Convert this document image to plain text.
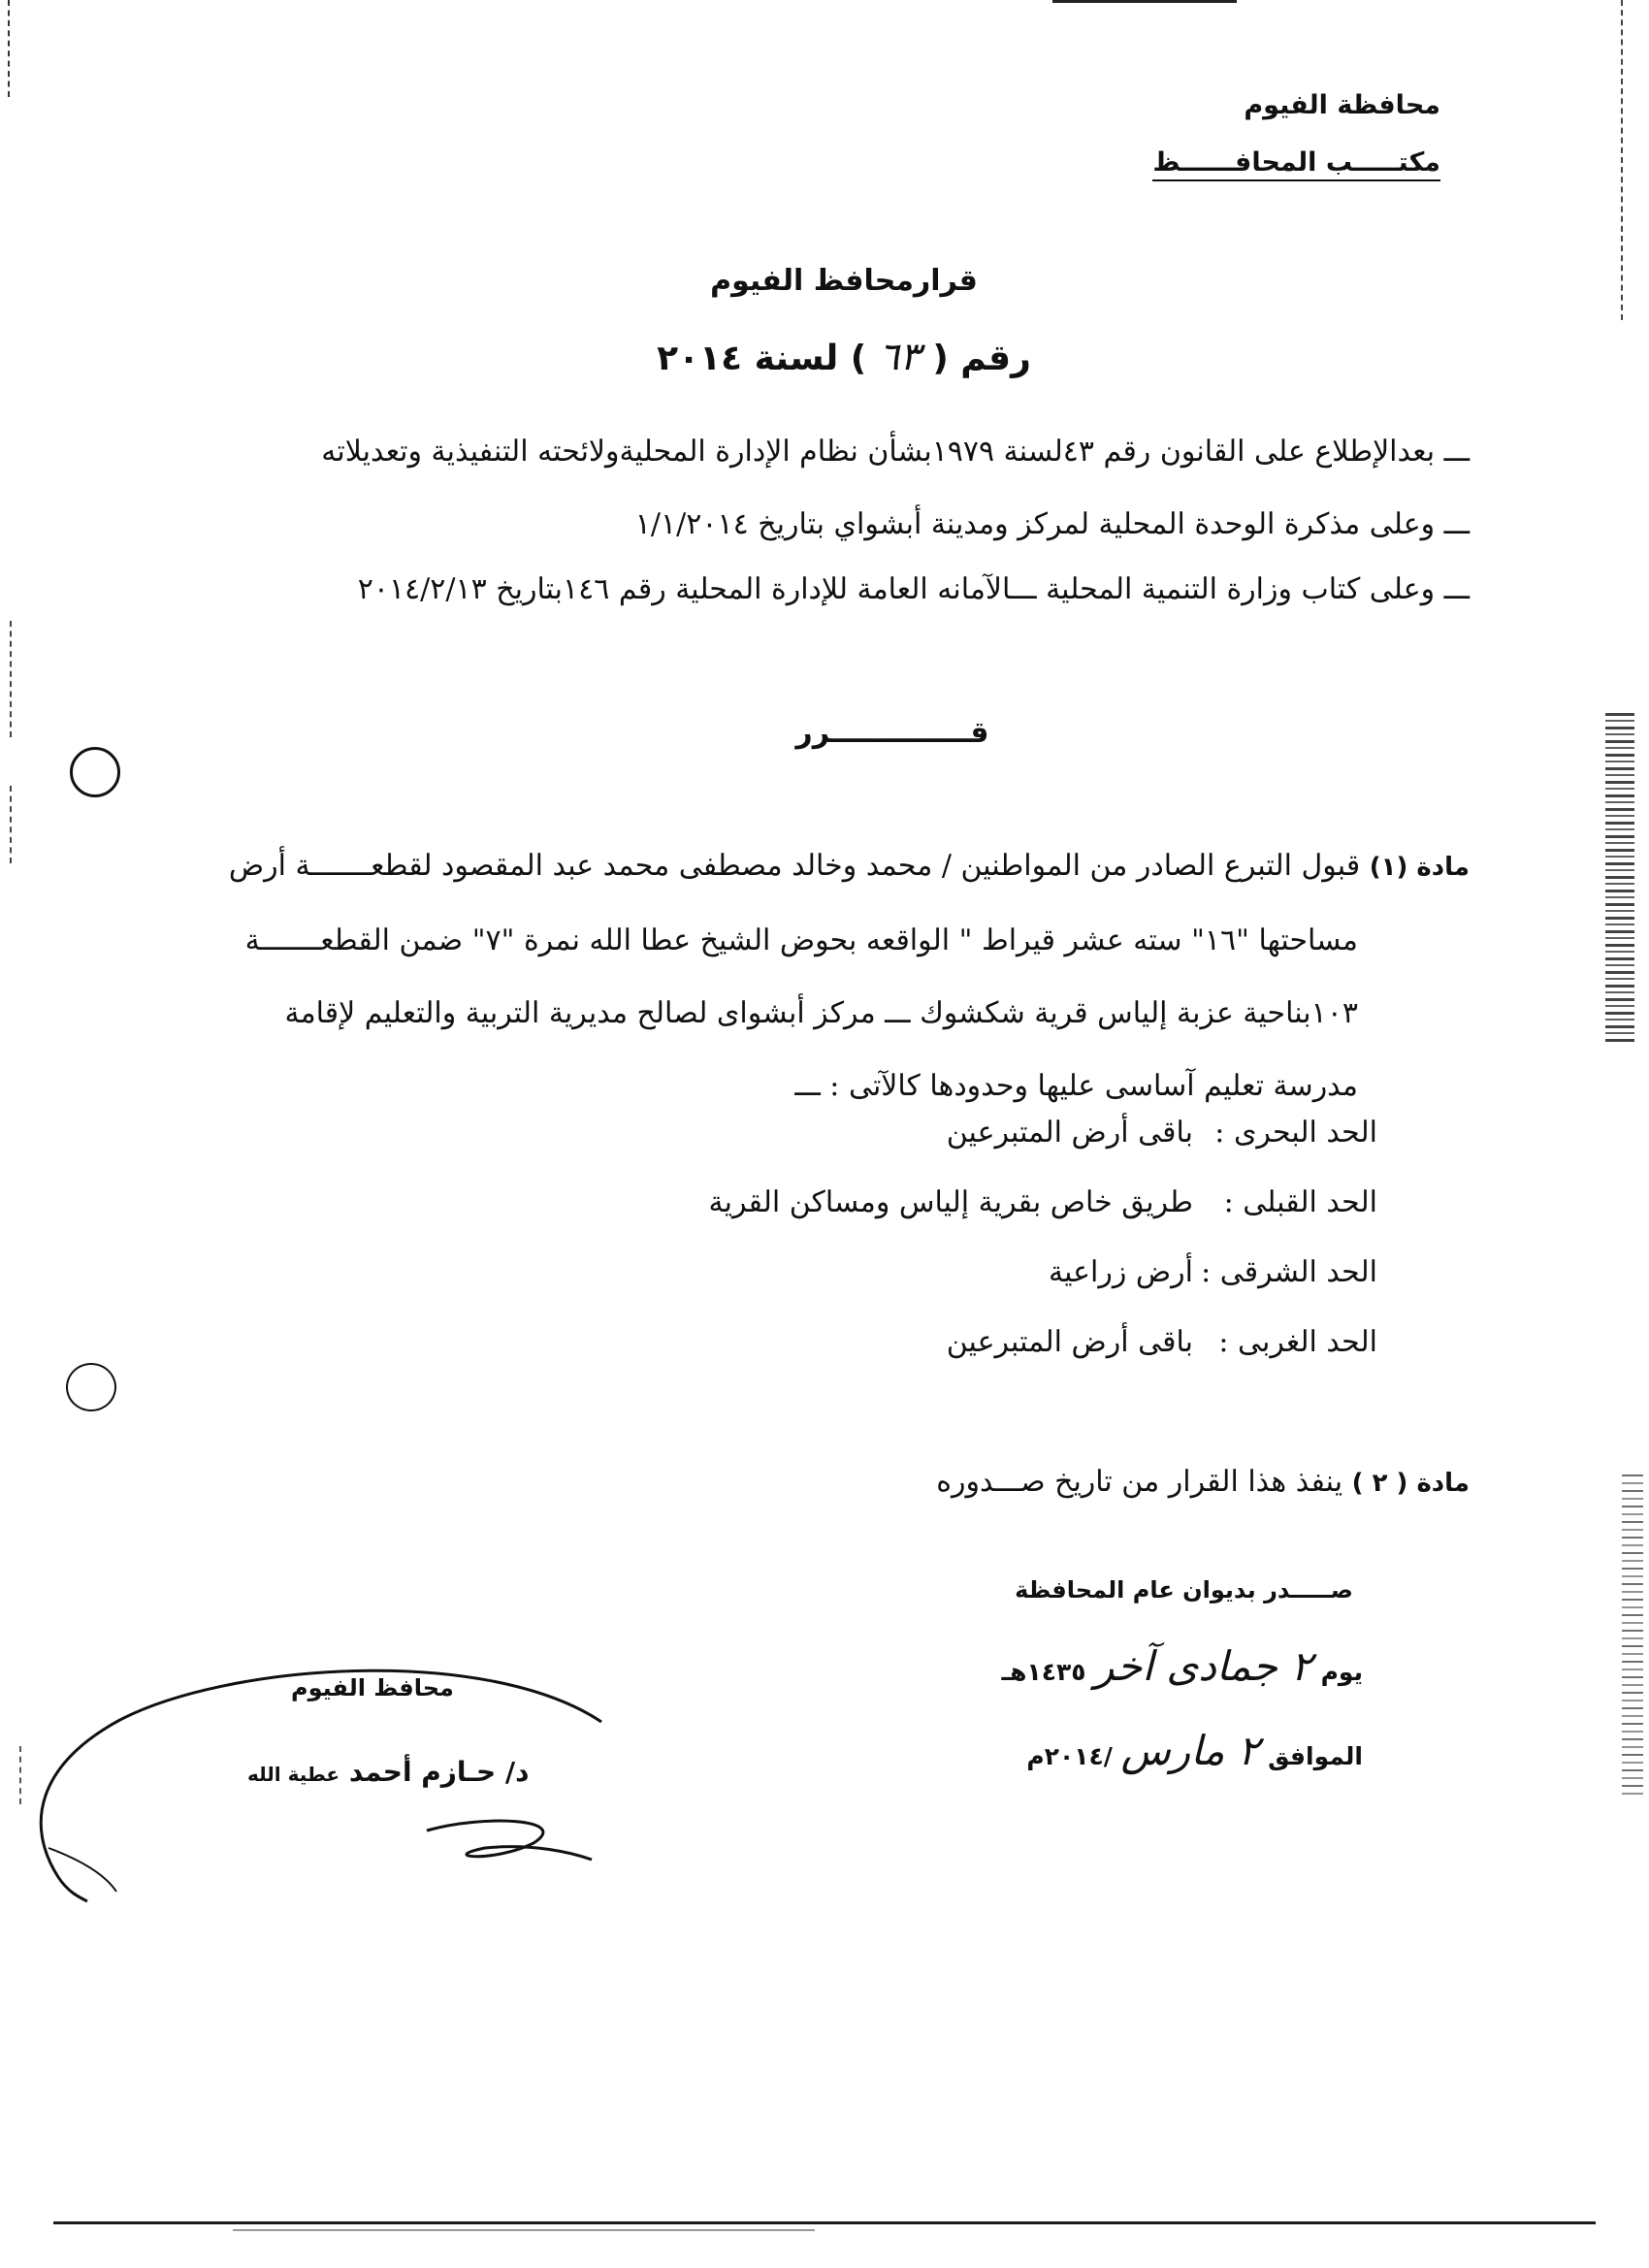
محافظة الفيوم
مكتـــــب المحافــــــظ
قرارمحافظ الفيوم
رقم ( ٦٣ ) لسنة ٢٠١٤
ـــ بعدالإطلاع على القانون رقم ٤٣لسنة ١٩٧٩بشأن نظام الإدارة المحليةولائحته التنفيذية وتعديلاته
ـــ وعلى مذكرة الوحدة المحلية لمركز ومدينة أبشواي بتاريخ ١/١/٢٠١٤
ـــ وعلى كتاب وزارة التنمية المحلية ـــالآمانه العامة للإدارة المحلية رقم ١٤٦بتاريخ ٢٠١٤/٢/١٣
قــــــــــــــرر
مادة (١) قبول التبرع الصادر من المواطنين / محمد وخالد مصطفى محمد عبد المقصود لقطعـــــــة أرض
مساحتها "١٦" سته عشر قيراط " الواقعه بحوض الشيخ عطا الله نمرة "٧" ضمن القطعـــــــة
١٠٣بناحية عزبة إلياس قرية شكشوك ـــ مركز أبشواى لصالح مديرية التربية والتعليم لإقامة
مدرسة تعليم آساسى عليها وحدودها كالآتى : ـــ
الحد البحرى :باقى أرض المتبرعين
الحد القبلى :طريق خاص بقرية إلياس ومساكن القرية
الحد الشرقى :أرض زراعية
الحد الغربى :باقى أرض المتبرعين
مادة ( ٢ ) ينفذ هذا القرار من تاريخ صـــدوره
صـــــدر بديوان عام المحافظة
يوم ٢ جمادى آخر ١٤٣٥هـ
الموافق ٢ مارس /٢٠١٤م
محافظ الفيوم
د/ حـازم أحمد عطية الله
